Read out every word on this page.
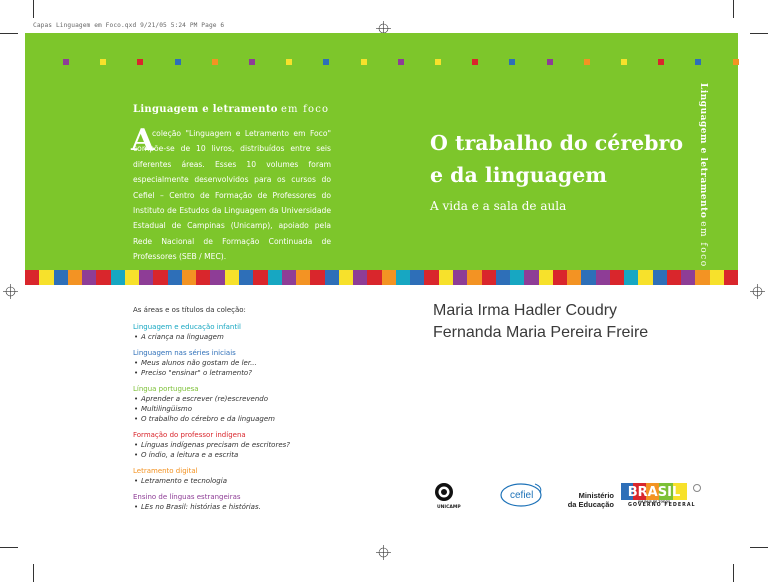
Capas Linguagem em Foco.qxd 9/21/05 5:24 PM Page 6
Linguagem e letramento em foco
A
coleção "Linguagem e Letramento em Foco" compõe-se de 10 livros, distribuídos entre seis diferentes áreas. Esses 10 volumes foram especialmente desenvolvidos para os cursos do Cefiel – Centro de Formação de Professores do Instituto de Estudos da Linguagem da Universidade Estadual de Campinas (Unicamp), apoiado pela Rede Nacional de Formação Continuada de Professores (SEB / MEC).
O trabalho do cérebro
e da linguagem
A vida e a sala de aula	Linguagem e letramento em foco
As áreas e os títulos da coleção:
Linguagem e educação infantil
• A criança na linguagem
Linguagem nas séries iniciais
• Meus alunos não gostam de ler...
• Preciso "ensinar" o letramento?
Língua portuguesa
• Aprender a escrever (re)escrevendo
• Multilingüismo
• O trabalho do cérebro e da linguagem
Formação do professor indígena
• Línguas indígenas precisam de escritores?
• O índio, a leitura e a escrita
Letramento digital
• Letramento e tecnologia
Ensino de línguas estrangeiras
• LEs no Brasil: histórias e histórias.
Maria Irma Hadler Coudry
Fernanda Maria Pereira Freire
UNICAMP
cefiel	Ministério
da Educação
BRASIL
UM PAÍS DE TODOS
GOVERNO FEDERAL
